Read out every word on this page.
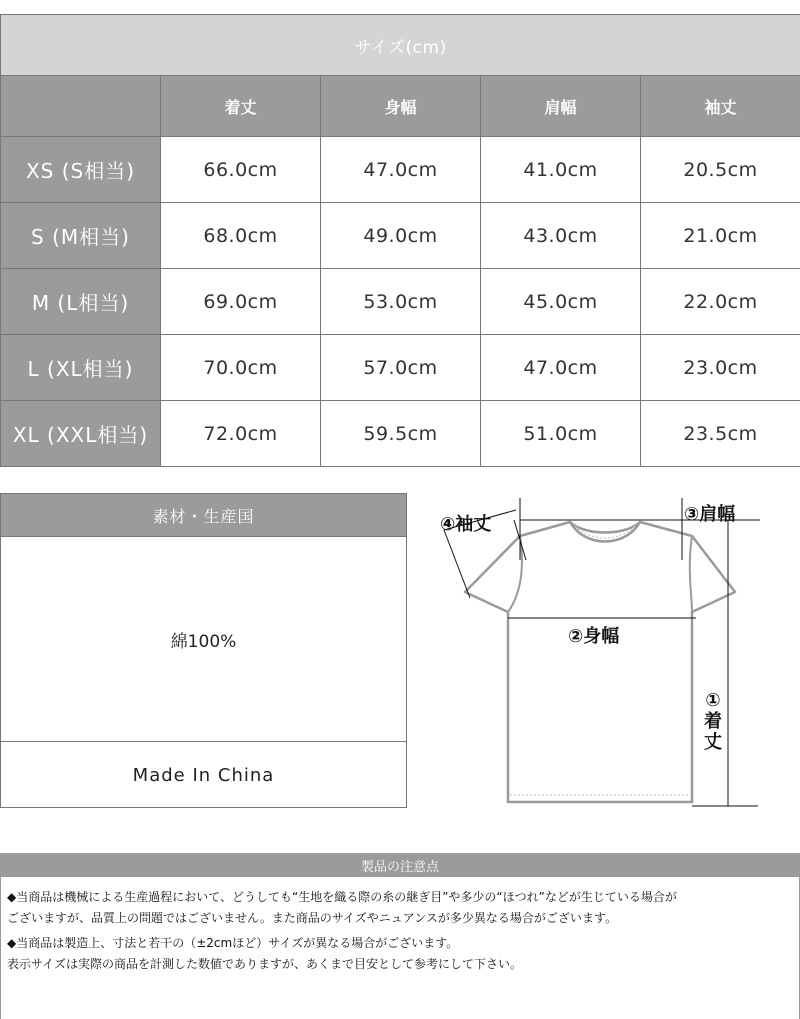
サイズ(cm)				
	着丈	身幅	肩幅	袖丈
XS (S相当)	66.0cm	47.0cm	41.0cm	20.5cm
S (M相当)	68.0cm	49.0cm	43.0cm	21.0cm
M (L相当)	69.0cm	53.0cm	45.0cm	22.0cm
L (XL相当)	70.0cm	57.0cm	47.0cm	23.0cm
XL (XXL相当)	72.0cm	59.5cm	51.0cm	23.5cm
素材・生産国
綿100%
Made In China
④袖丈	③肩幅
②身幅
①
着
丈
製品の注意点

◆当商品は機械による生産過程において、どうしても“生地を織る際の糸の継ぎ目”や多少の“ほつれ”などが生じている場合が

ございますが、品質上の問題ではございません。また商品のサイズやニュアンスが多少異なる場合がございます。

◆当商品は製造上、寸法と若干の（±2cmほど）サイズが異なる場合がございます。

表示サイズは実際の商品を計測した数値でありますが、あくまで目安として参考にして下さい。
